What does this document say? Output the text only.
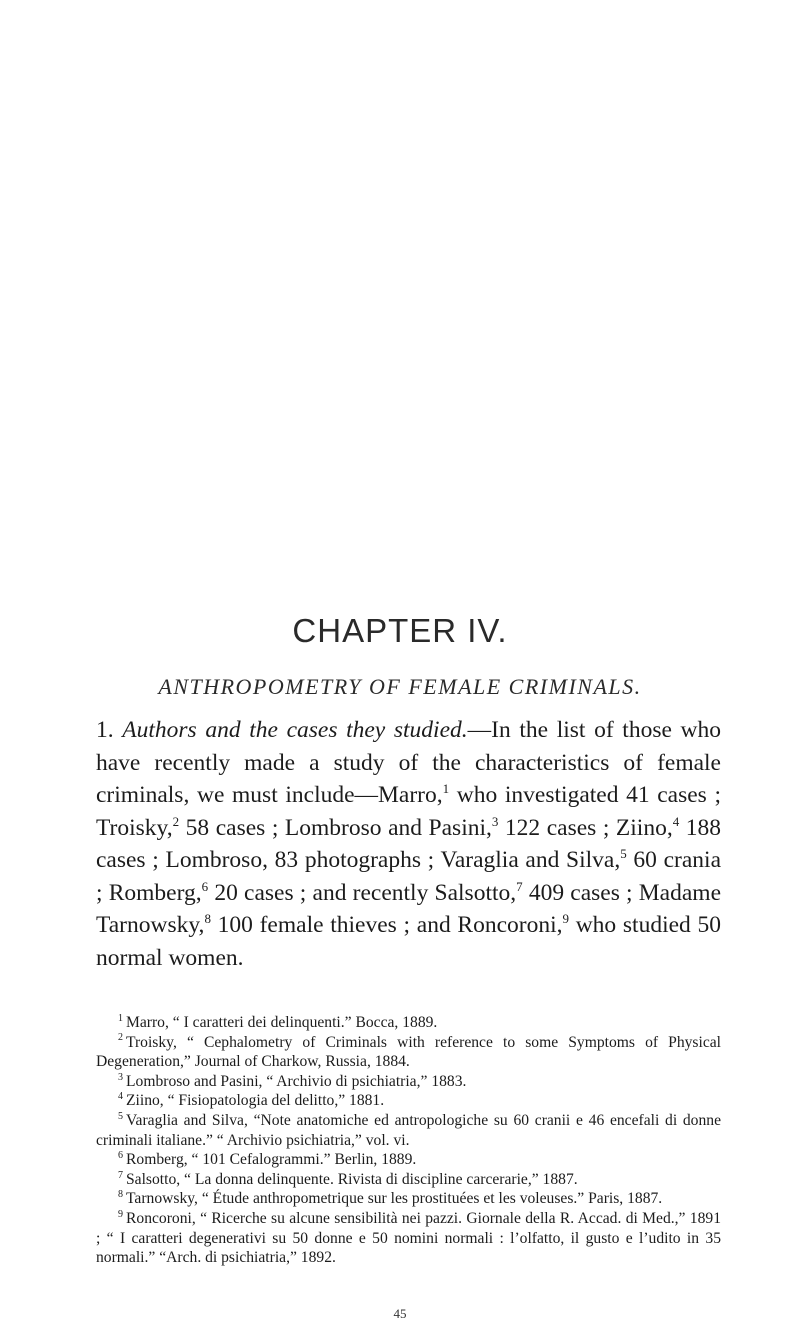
CHAPTER IV.
ANTHROPOMETRY OF FEMALE CRIMINALS.
1. Authors and the cases they studied.—In the list of those who have recently made a study of the characteristics of female criminals, we must include—Marro,$^1$ who investigated 41 cases ; Troisky,$^2$ 58 cases ; Lombroso and Pasini,$^3$ 122 cases ; Ziino,$^4$ 188 cases ; Lombroso, 83 photographs ; Varaglia and Silva,$^5$ 60 crania ; Romberg,$^6$ 20 cases ; and recently Salsotto,$^7$ 409 cases ; Madame Tarnowsky,$^8$ 100 female thieves ; and Roncoroni,$^9$ who studied 50 normal women.

$^1$ Marro, “ I caratteri dei delinquenti.” Bocca, 1889.

$^2$ Troisky, “ Cephalometry of Criminals with reference to some Symptoms of Physical Degeneration,” Journal of Charkow, Russia, 1884.

$^3$ Lombroso and Pasini, “ Archivio di psichiatria,” 1883.

$^4$ Ziino, “ Fisiopatologia del delitto,” 1881.

$^5$ Varaglia and Silva, “Note anatomiche ed antropologiche su 60 cranii e 46 encefali di donne criminali italiane.” “ Archivio psichiatria,” vol. vi.

$^6$ Romberg, “ 101 Cefalogrammi.” Berlin, 1889.

$^7$ Salsotto, “ La donna delinquente. Rivista di discipline carcerarie,” 1887.

$^8$ Tarnowsky, “ Étude anthropometrique sur les prostituées et les voleuses.” Paris, 1887.

$^9$ Roncoroni, “ Ricerche su alcune sensibilità nei pazzi. Giornale della R. Accad. di Med.,” 1891 ; “ I caratteri degenerativi su 50 donne e 50 nomini normali : l’olfatto, il gusto e l’udito in 35 normali.” “Arch. di psichiatria,” 1892.

45
